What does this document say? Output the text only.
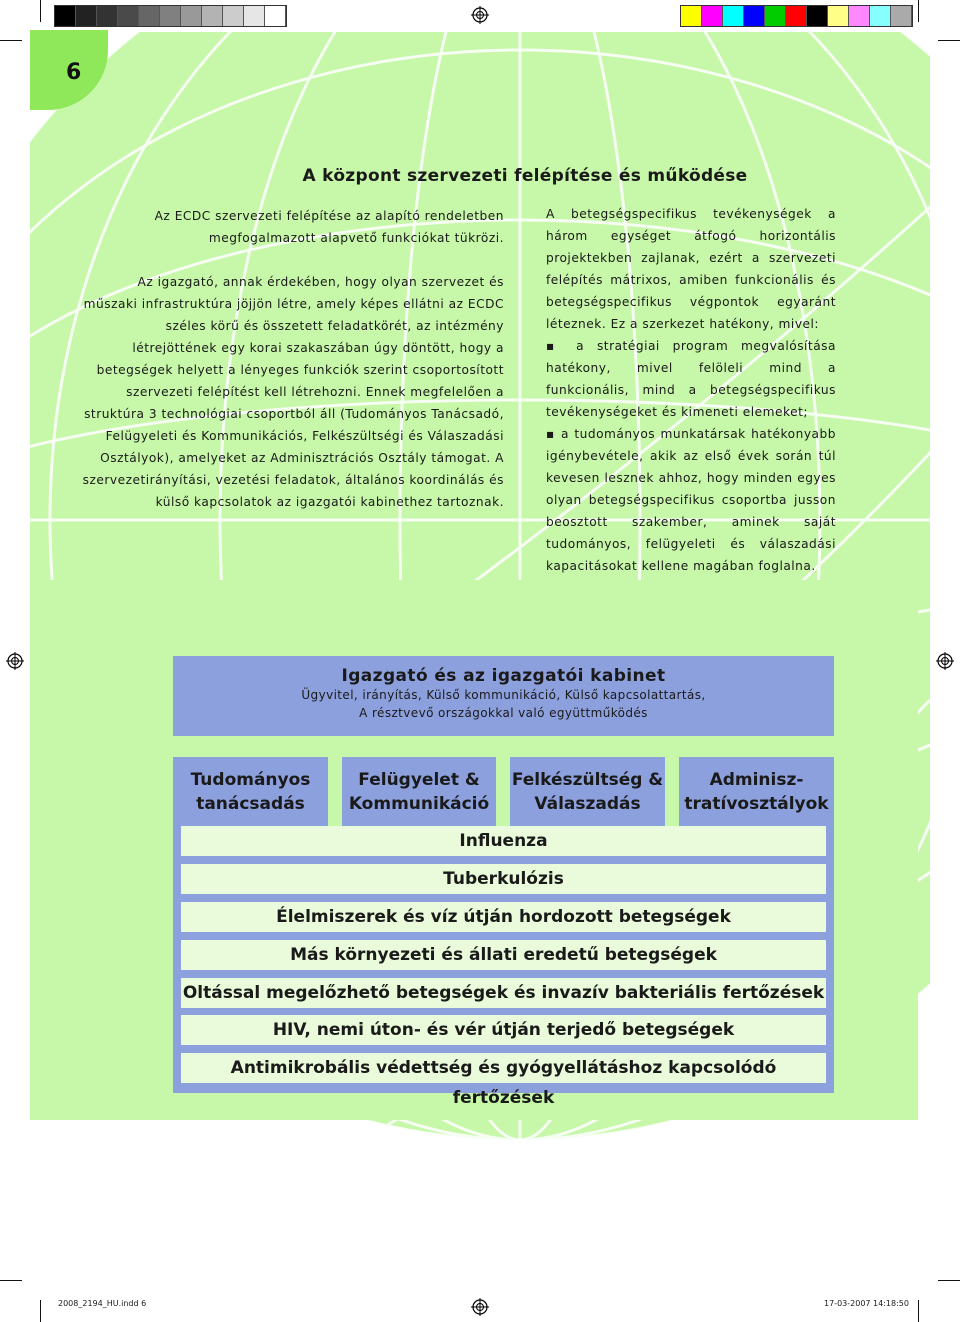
6
A központ szervezeti felépítése és működése

Az ECDC szervezeti felépítése az alapító rendeletben megfogalmazott alapvető funkciókat tükrözi.

Az igazgató, annak érdekében, hogy olyan szervezet és műszaki infrastruktúra jöjjön létre, amely képes ellátni az ECDC széles körű és összetett feladatkörét, az intézmény létrejöttének egy korai szakaszában úgy döntött, hogy a betegségek helyett a lényeges funkciók szerint csoportosított szervezeti felépítést kell létrehozni. Ennek megfelelően a struktúra 3 technológiai csoportból áll (Tudományos Tanácsadó, Felügyeleti és Kommunikációs, Felkészültségi és Válaszadási Osztályok), amelyeket az Adminisztrációs Osztály támogat. A szervezetirányítási, vezetési feladatok, általános koordinálás és külső kapcsolatok az igazgatói kabinethez tartoznak.

A betegségspecifikus tevékenységek a három egységet átfogó horizontális projektekben zajlanak, ezért a szervezeti felépítés mátrixos, amiben funkcionális és betegségspecifikus végpontok egyaránt léteznek. Ez a szerkezet hatékony, mivel:

▪ a stratégiai program megvalósítása hatékony, mivel felöleli mind a funkcionális, mind a betegségspecifikus tevékenységeket és kimeneti elemeket;

▪ a tudományos munkatársak hatékonyabb igénybevétele, akik az első évek során túl kevesen lesznek ahhoz, hogy minden egyes olyan betegségspecifikus csoportba jusson beosztott szakember, aminek saját tudományos, felügyeleti és válaszadási kapacitásokat kellene magában foglalna.

Igazgató és az igazgatói kabinet
Ügyvitel, irányítás, Külső kommunikáció, Külső kapcsolattartás,
A résztvevő országokkal való együttműködés
Tudományos
tanácsadás
Felügyelet &
Kommunikáció
Felkészültség &
Válaszadás
Adminisz-
tratívosztályok
Influenza
Tuberkulózis
Élelmiszerek és víz útján hordozott betegségek
Más környezeti és állati eredetű betegségek
Oltással megelőzhető betegségek és invazív bakteriális fertőzések
HIV, nemi úton- és vér útján terjedő betegségek
Antimikrobális védettség és gyógyellátáshoz kapcsolódó fertőzések
2008_2194_HU.indd 6	17-03-2007 14:18:50
